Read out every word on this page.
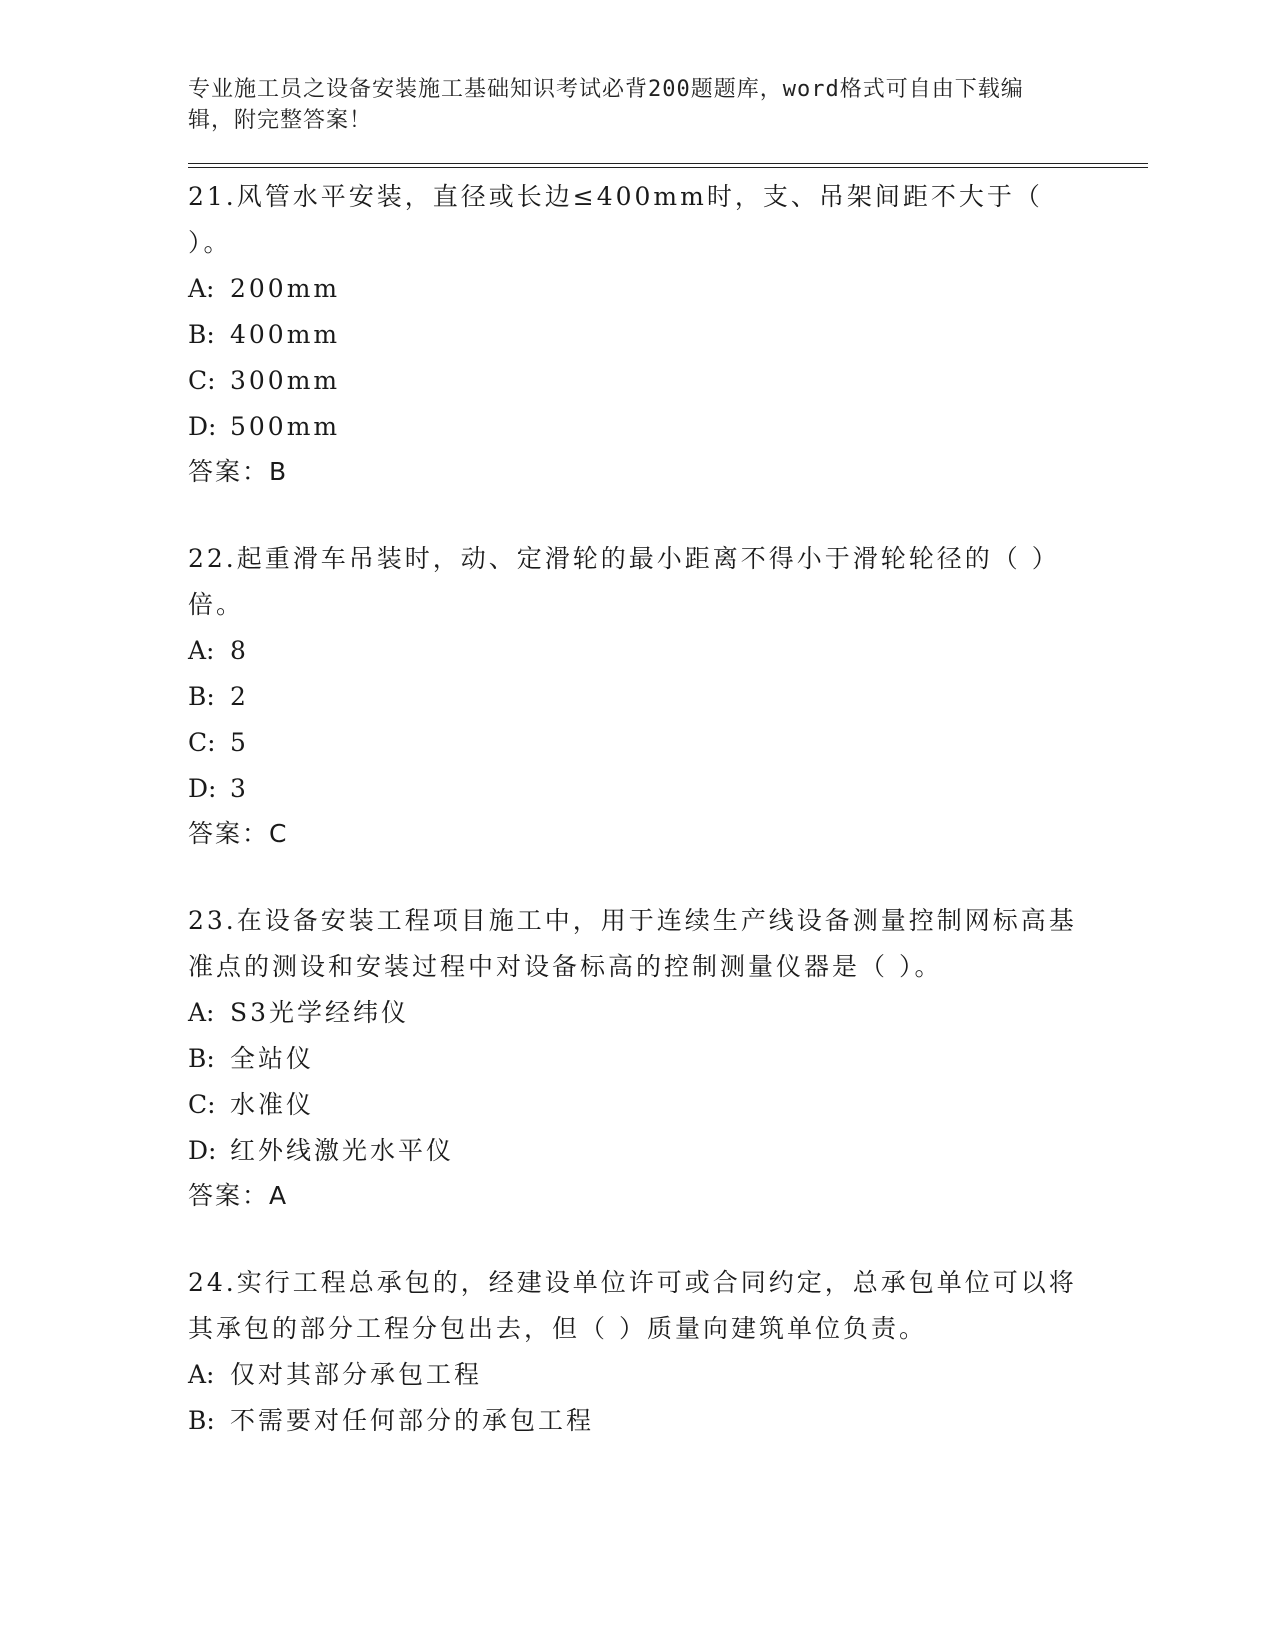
专业施工员之设备安装施工基础知识考试必背200题题库，word格式可自由下载编辑，附完整答案！
21.风管水平安装，直径或长边≤400mm时，支、吊架间距不大于（ ）。
A: 200mm
B: 400mm
C: 300mm
D: 500mm
答案：B
22.起重滑车吊装时，动、定滑轮的最小距离不得小于滑轮轮径的（ ）倍。
A: 8
B: 2
C: 5
D: 3
答案：C
23.在设备安装工程项目施工中，用于连续生产线设备测量控制网标高基准点的测设和安装过程中对设备标高的控制测量仪器是（ ）。
A: S3光学经纬仪
B: 全站仪
C: 水准仪
D: 红外线激光水平仪
答案：A
24.实行工程总承包的，经建设单位许可或合同约定，总承包单位可以将其承包的部分工程分包出去，但（ ）质量向建筑单位负责。
A: 仅对其部分承包工程
B: 不需要对任何部分的承包工程
